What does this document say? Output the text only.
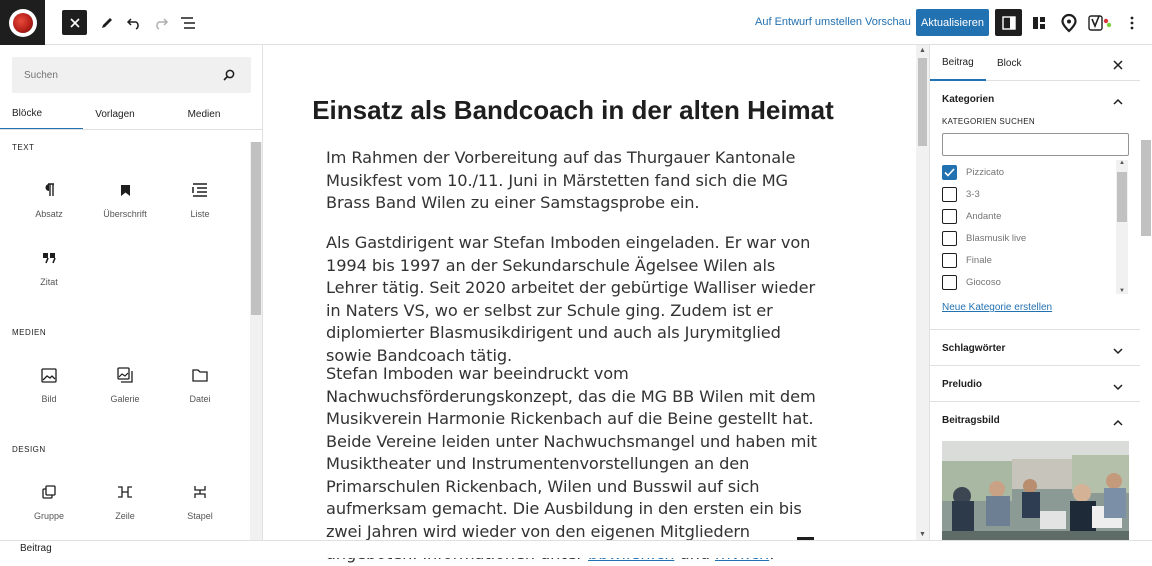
Auf Entwurf umstellen Vorschau Aktualisieren
Suchen
Blöcke	Vorlagen	Medien
TEXT
Absatz	Überschrift	Liste
Zitat
MEDIEN
Bild	Galerie	Datei
DESIGN
Gruppe	Zeile	Stapel
Einsatz als Bandcoach in der alten Heimat

Im Rahmen der Vorbereitung auf das Thurgauer Kantonale Musikfest vom 10./11. Juni in Märstetten fand sich die MG Brass Band Wilen zu einer Samstagsprobe ein.

Als Gastdirigent war Stefan Imboden eingeladen. Er war von 1994 bis 1997 an der Sekundarschule Ägelsee Wilen als Lehrer tätig. Seit 2020 arbeitet der gebürtige Walliser wieder in Naters VS, wo er selbst zur Schule ging. Zudem ist er diplomierter Blasmusikdirigent und auch als Jurymitglied sowie Bandcoach tätig.

Stefan Imboden war beeindruckt vom Nachwuchsförderungskonzept, das die MG BB Wilen mit dem Musikverein Harmonie Rickenbach auf die Beine gestellt hat. Beide Vereine leiden unter Nachwuchsmangel und haben mit Musiktheater und Instrumentenvorstellungen an den Primarschulen Rickenbach, Wilen und Busswil auf sich aufmerksam gemacht. Die Ausbildung in den ersten ein bis zwei Jahren wird wieder von den eigenen Mitgliedern

▲
▼
Beitrag	Block
Kategorien
KATEGORIEN SUCHEN
Pizzicato
3-3
Andante
Blasmusik live
Finale
Giocoso
▲
▼
Neue Kategorie erstellen
Schlagwörter
Preludio
Beitragsbild
Beitrag
